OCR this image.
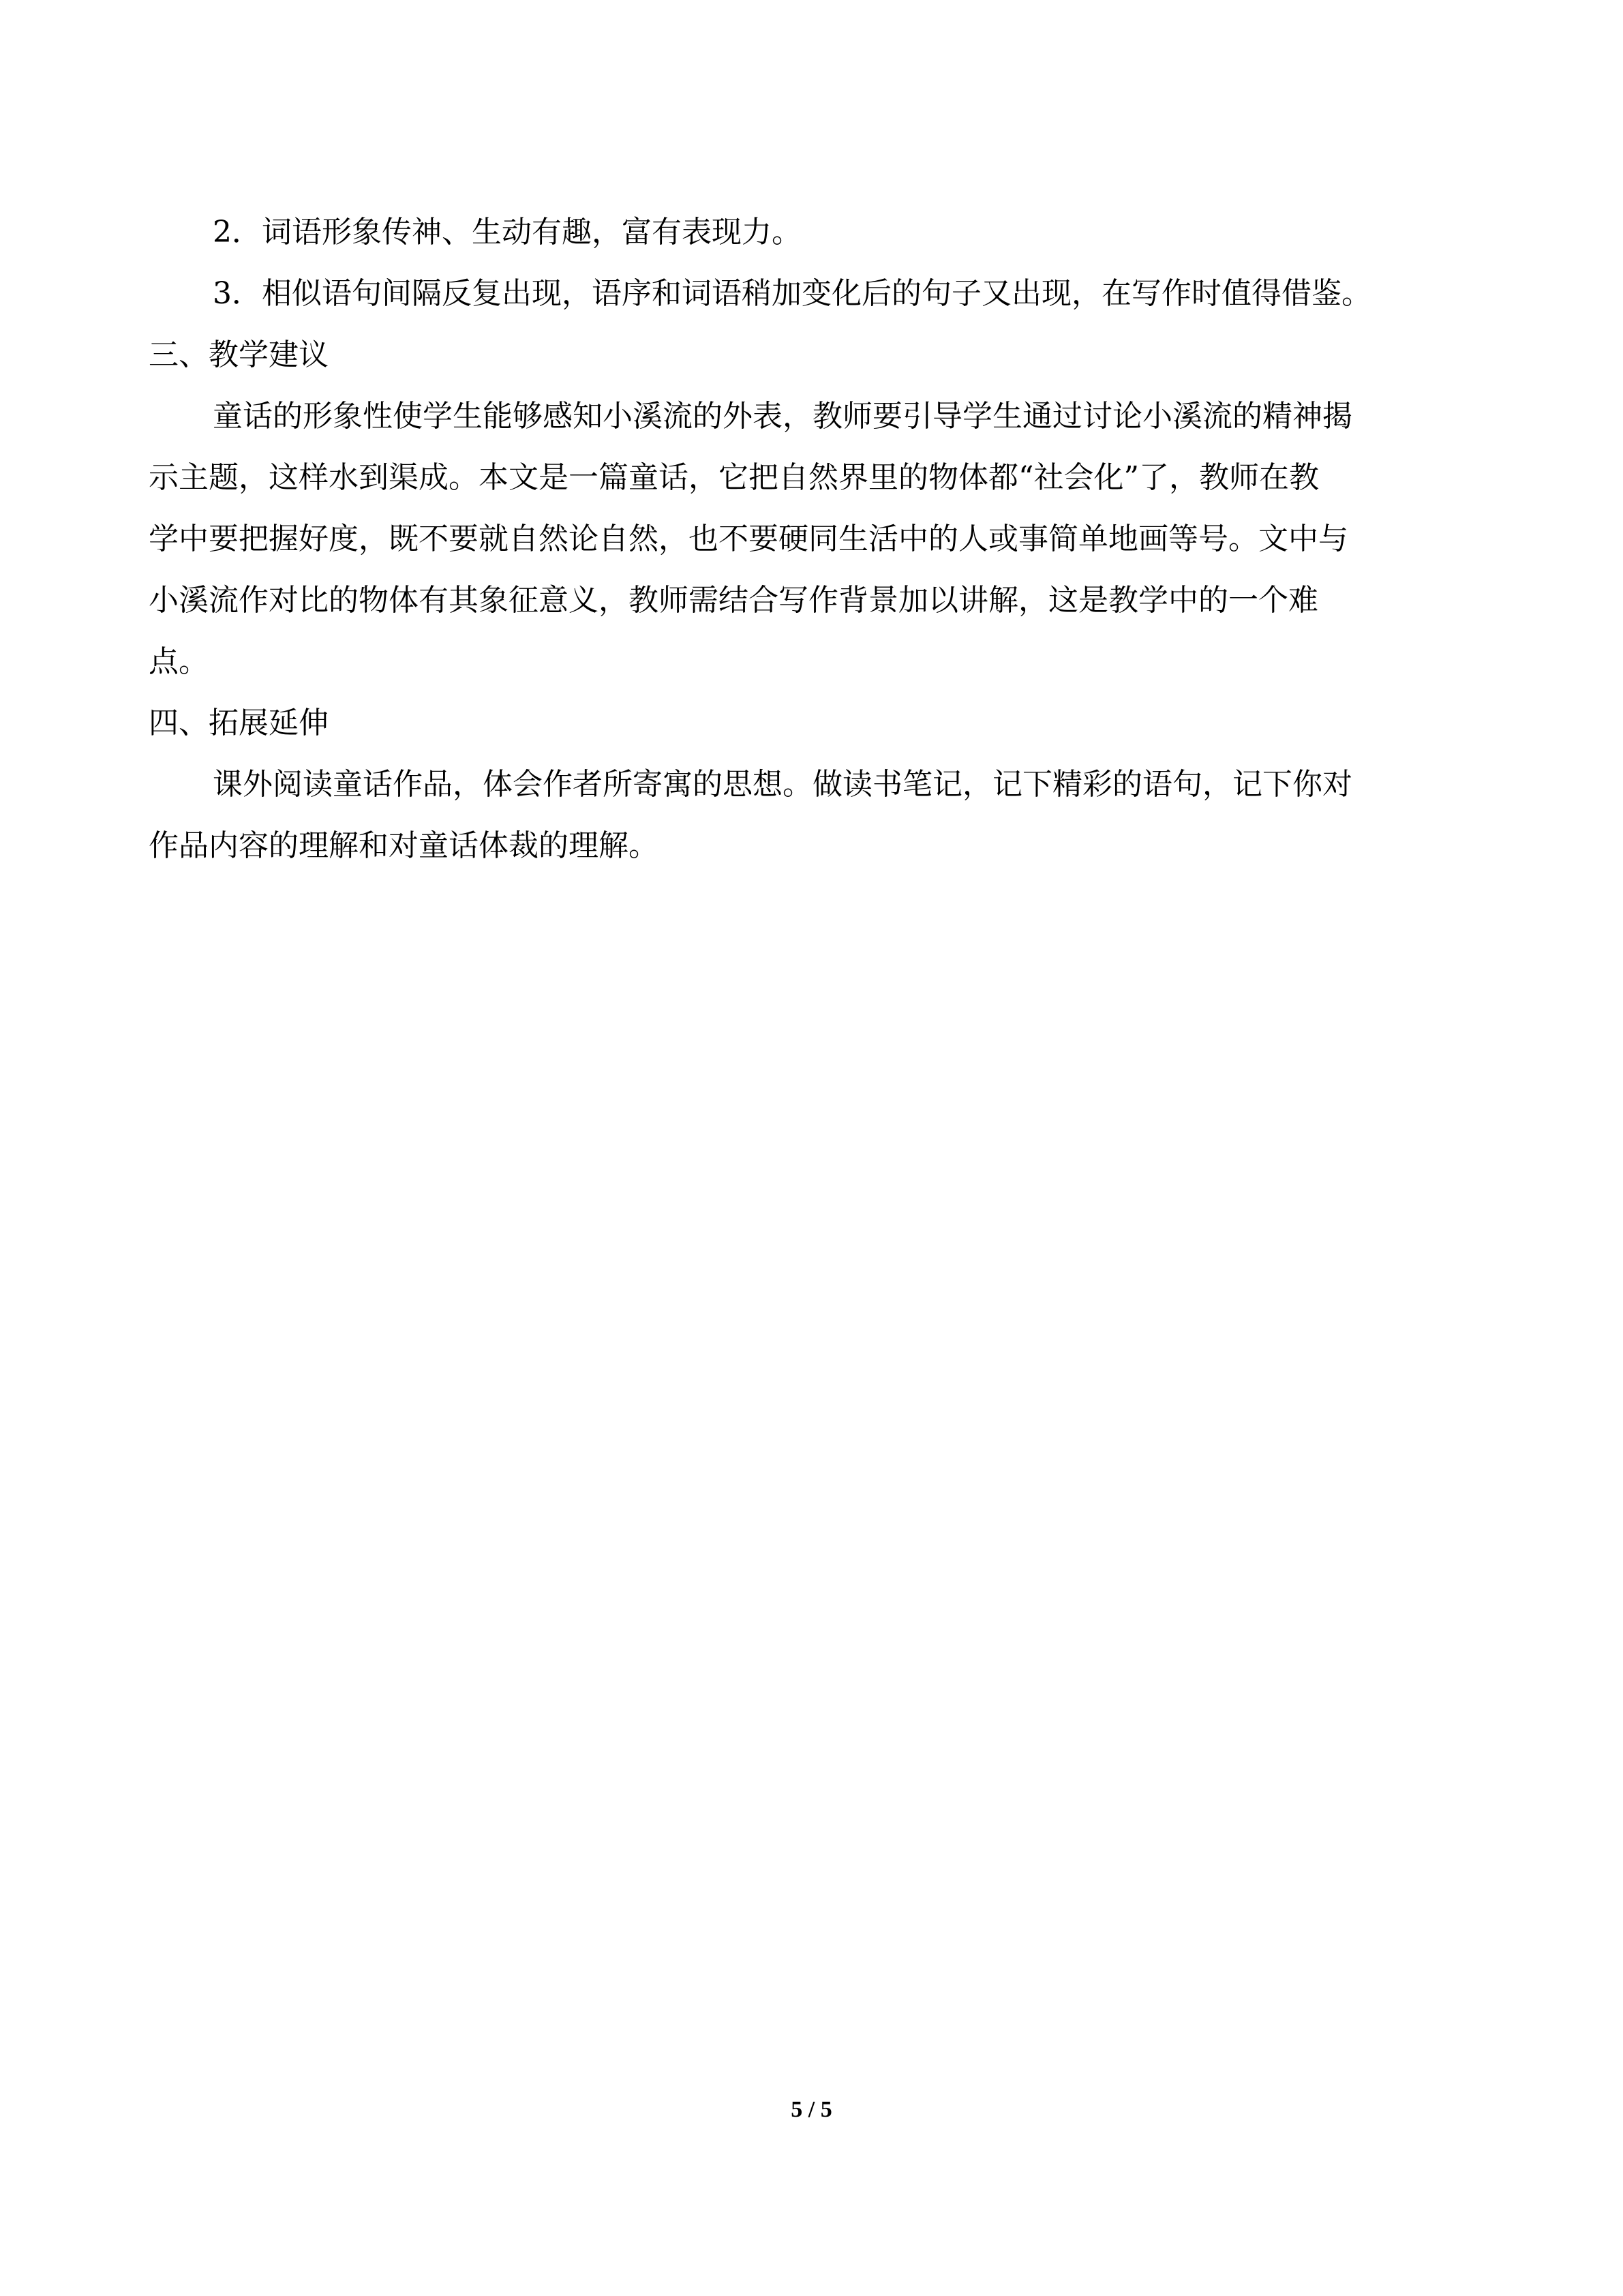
2．词语形象传神、生动有趣，富有表现力。
3．相似语句间隔反复出现，语序和词语稍加变化后的句子又出现，在写作时值得借鉴。
三、教学建议
童话的形象性使学生能够感知小溪流的外表，教师要引导学生通过讨论小溪流的精神揭
示主题，这样水到渠成。本文是一篇童话，它把自然界里的物体都“社会化”了，教师在教
学中要把握好度，既不要就自然论自然，也不要硬同生活中的人或事简单地画等号。文中与
小溪流作对比的物体有其象征意义，教师需结合写作背景加以讲解，这是教学中的一个难
点。
四、拓展延伸
课外阅读童话作品，体会作者所寄寓的思想。做读书笔记，记下精彩的语句，记下你对
作品内容的理解和对童话体裁的理解。
5 / 5
